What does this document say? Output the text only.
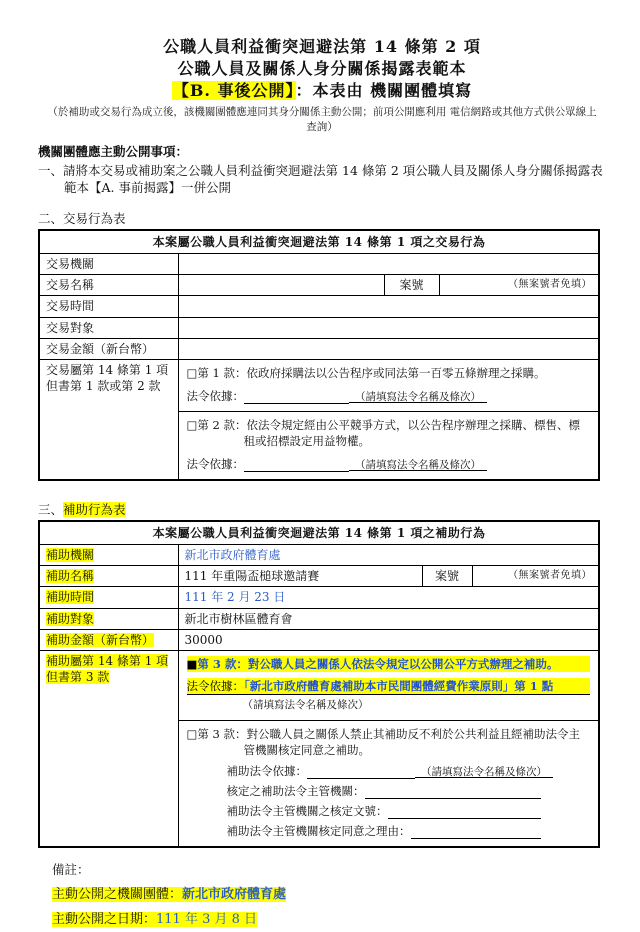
公職人員利益衝突迴避法第 14 條第 2 項
公職人員及關係人身分關係揭露表範本
【B. 事後公開】：本表由 機關團體填寫
（於補助或交易行為成立後，該機關團體應連同其身分關係主動公開；前項公開應利用 電信網路或其他方式供公眾線上查詢）
機關團體應主動公開事項：
一、請將本交易或補助案之公職人員利益衝突迴避法第 14 條第 2 項公職人員及關係人身分關係揭露表範本【A. 事前揭露】一併公開
二、交易行為表
本案屬公職人員利益衝突迴避法第 14 條第 1 項之交易行為			
交易機關			
交易名稱		案號	（無案號者免填）
交易時間			
交易對象			
交易金額（新台幣）			
交易屬第 14 條第 1 項但書第 1 款或第 2 款	□第 1 款：依政府採購法以公告程序或同法第一百零五條辦理之採購。
法令依據： （請填寫法令名稱及條次）
□第 2 款：依法令規定經由公平競爭方式，以公告程序辦理之採購、標售、標租或招標設定用益物權。
法令依據： （請填寫法令名稱及條次）		
三、補助行為表
本案屬公職人員利益衝突迴避法第 14 條第 1 項之補助行為			
補助機關	新北市政府體育處		
補助名稱	111 年重陽盃槌球邀請賽	案號	（無案號者免填）
補助時間	111 年 2 月 23 日		
補助對象	新北市樹林區體育會		
補助金額（新台幣）	30000		
補助屬第 14 條第 1 項但書第 3 款	
■第 3 款：對公職人員之關係人依法令規定以公開公平方式辦理之補助。
法令依據：「新北市政府體育處補助本市民間團體經費作業原則」第 1 點
（請填寫法令名稱及條次）
□第 3 款：對公職人員之關係人禁止其補助反不利於公共利益且經補助法令主管機關核定同意之補助。
補助法令依據：	（請填寫法令名稱及條次）
核定之補助法令主管機關：
補助法令主管機關之核定文號：
補助法令主管機關核定同意之理由：
備註：
主動公開之機關團體：新北市政府體育處
主動公開之日期：111 年 3 月 8 日
